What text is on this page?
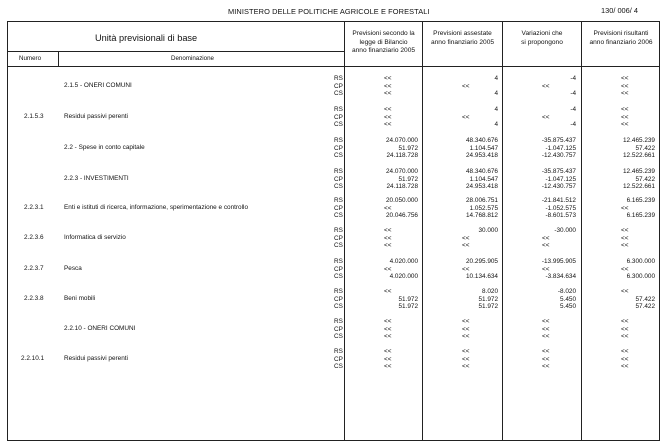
MINISTERO DELLE POLITICHE AGRICOLE E FORESTALI	130/ 006/ 4
Unità previsionali di base
Numero	Denominazione
Previsioni secondo la
legge di Bilancio
anno finanziario 2005
Previsioni assestate
anno finanziario 2005
Variazioni che
si propongono
Previsioni risultanti
anno finanziario 2006
2.1.5 - ONERI COMUNI
RS	<<	4	-4	<<
CP	<<	<<	<<	<<
CS	<<	4	-4	<<
2.1.5.3	Residui passivi perenti
RS	<<	4	-4	<<
CP	<<	<<	<<	<<
CS	<<	4	-4	<<
2.2 - Spese in conto capitale
RS	24.070.000	48.340.676	-35.875.437	12.465.239
CP	51.972	1.104.547	-1.047.125	57.422
CS	24.118.728	24.953.418	-12.430.757	12.522.661
2.2.3 - INVESTIMENTI
RS	24.070.000	48.340.676	-35.875.437	12.465.239
CP	51.972	1.104.547	-1.047.125	57.422
CS	24.118.728	24.953.418	-12.430.757	12.522.661
2.2.3.1	Enti e istituti di ricerca, informazione, sperimentazione e controllo
RS	20.050.000	28.006.751	-21.841.512	6.165.239
CP	<<	1.052.575	-1.052.575	<<
CS	20.046.756	14.768.812	-8.601.573	6.165.239
2.2.3.6	Informatica di servizio
RS	<<	30.000	-30.000	<<
CP	<<	<<	<<	<<
CS	<<	<<	<<	<<
2.2.3.7	Pesca
RS	4.020.000	20.295.905	-13.995.905	6.300.000
CP	<<	<<	<<	<<
CS	4.020.000	10.134.634	-3.834.634	6.300.000
2.2.3.8	Beni mobili
RS	<<	8.020	-8.020	<<
CP	51.972	51.972	5.450	57.422
CS	51.972	51.972	5.450	57.422
2.2.10 - ONERI COMUNI
RS	<<	<<	<<	<<
CP	<<	<<	<<	<<
CS	<<	<<	<<	<<
2.2.10.1	Residui passivi perenti
RS	<<	<<	<<	<<
CP	<<	<<	<<	<<
CS	<<	<<	<<	<<
